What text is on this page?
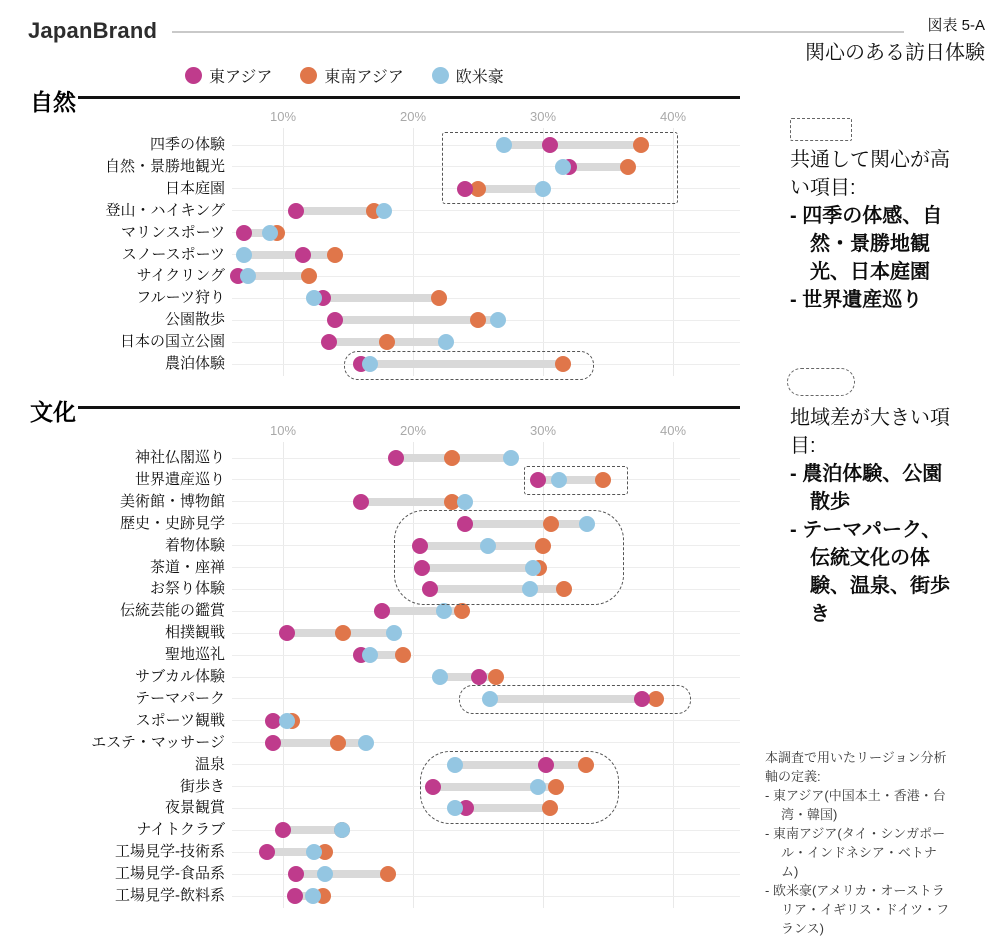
JapanBrand	図表 5-A
関心のある訪日体験
東アジア	東南アジア	欧米豪
自然
文化
10%	20%	30%	40%
四季の体験
自然・景勝地観光
日本庭園
登山・ハイキング
マリンスポーツ
スノースポーツ
サイクリング
フルーツ狩り
公園散歩
日本の国立公園
農泊体験
10%	20%	30%	40%
神社仏閣巡り
世界遺産巡り
美術館・博物館
歴史・史跡見学
着物体験
茶道・座禅
お祭り体験
伝統芸能の鑑賞
相撲観戦
聖地巡礼
サブカル体験
テーマパーク
スポーツ観戦
エステ・マッサージ
温泉
街歩き
夜景観賞
ナイトクラブ
工場見学-技術系
工場見学-食品系
工場見学-飲料系
共通して関心が高い項目:
- 四季の体感、自然・景勝地観光、日本庭園
- 世界遺産巡り
地域差が大きい項目:
- 農泊体験、公園散歩
- テーマパーク、伝統文化の体験、温泉、街歩き
本調査で用いたリージョン分析軸の定義:
- 東アジア(中国本土・香港・台湾・韓国)
- 東南アジア(タイ・シンガポール・インドネシア・ベトナム)
- 欧米豪(アメリカ・オーストラリア・イギリス・ドイツ・フランス)
